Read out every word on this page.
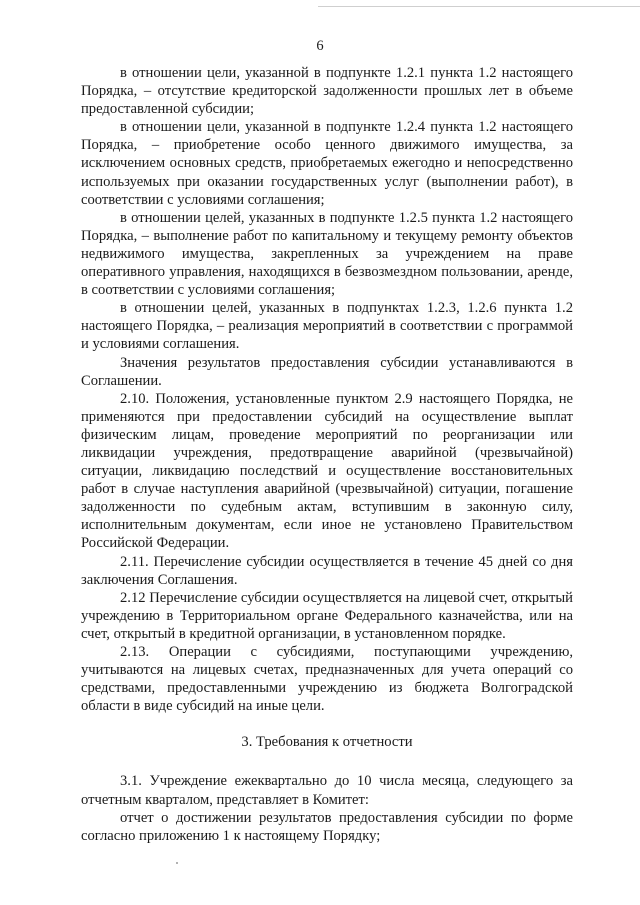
6

в отношении цели, указанной в подпункте 1.2.1 пункта 1.2 настоящего Порядка, – отсутствие кредиторской задолженности прошлых лет в объеме предоставленной субсидии;

в отношении цели, указанной в подпункте 1.2.4 пункта 1.2 настоящего Порядка, – приобретение особо ценного движимого имущества, за исключением основных средств, приобретаемых ежегодно и непосредственно используемых при оказании государственных услуг (выполнении работ), в соответствии с условиями соглашения;

в отношении целей, указанных в подпункте 1.2.5 пункта 1.2 настоящего Порядка, – выполнение работ по капитальному и текущему ремонту объектов недвижимого имущества, закрепленных за учреждением на праве оперативного управления, находящихся в безвозмездном пользовании, аренде, в соответствии с условиями соглашения;

в отношении целей, указанных в подпунктах 1.2.3, 1.2.6 пункта 1.2 настоящего Порядка, – реализация мероприятий в соответствии с программой и условиями соглашения.

Значения результатов предоставления субсидии устанавливаются в Соглашении.

2.10. Положения, установленные пунктом 2.9 настоящего Порядка, не применяются при предоставлении субсидий на осуществление выплат физическим лицам, проведение мероприятий по реорганизации или ликвидации учреждения, предотвращение аварийной (чрезвычайной) ситуации, ликвидацию последствий и осуществление восстановительных работ в случае наступления аварийной (чрезвычайной) ситуации, погашение задолженности по судебным актам, вступившим в законную силу, исполнительным документам, если иное не установлено Правительством Российской Федерации.

2.11. Перечисление субсидии осуществляется в течение 45 дней со дня заключения Соглашения.

2.12 Перечисление субсидии осуществляется на лицевой счет, открытый учреждению в Территориальном органе Федерального казначейства, или на счет, открытый в кредитной организации, в установленном порядке.

2.13. Операции с субсидиями, поступающими учреждению, учитываются на лицевых счетах, предназначенных для учета операций со средствами, предоставленными учреждению из бюджета Волгоградской области в виде субсидий на иные цели.

3. Требования к отчетности

3.1. Учреждение ежеквартально до 10 числа месяца, следующего за отчетным кварталом, представляет в Комитет:

отчет о достижении результатов предоставления субсидии по форме согласно приложению 1 к настоящему Порядку;
